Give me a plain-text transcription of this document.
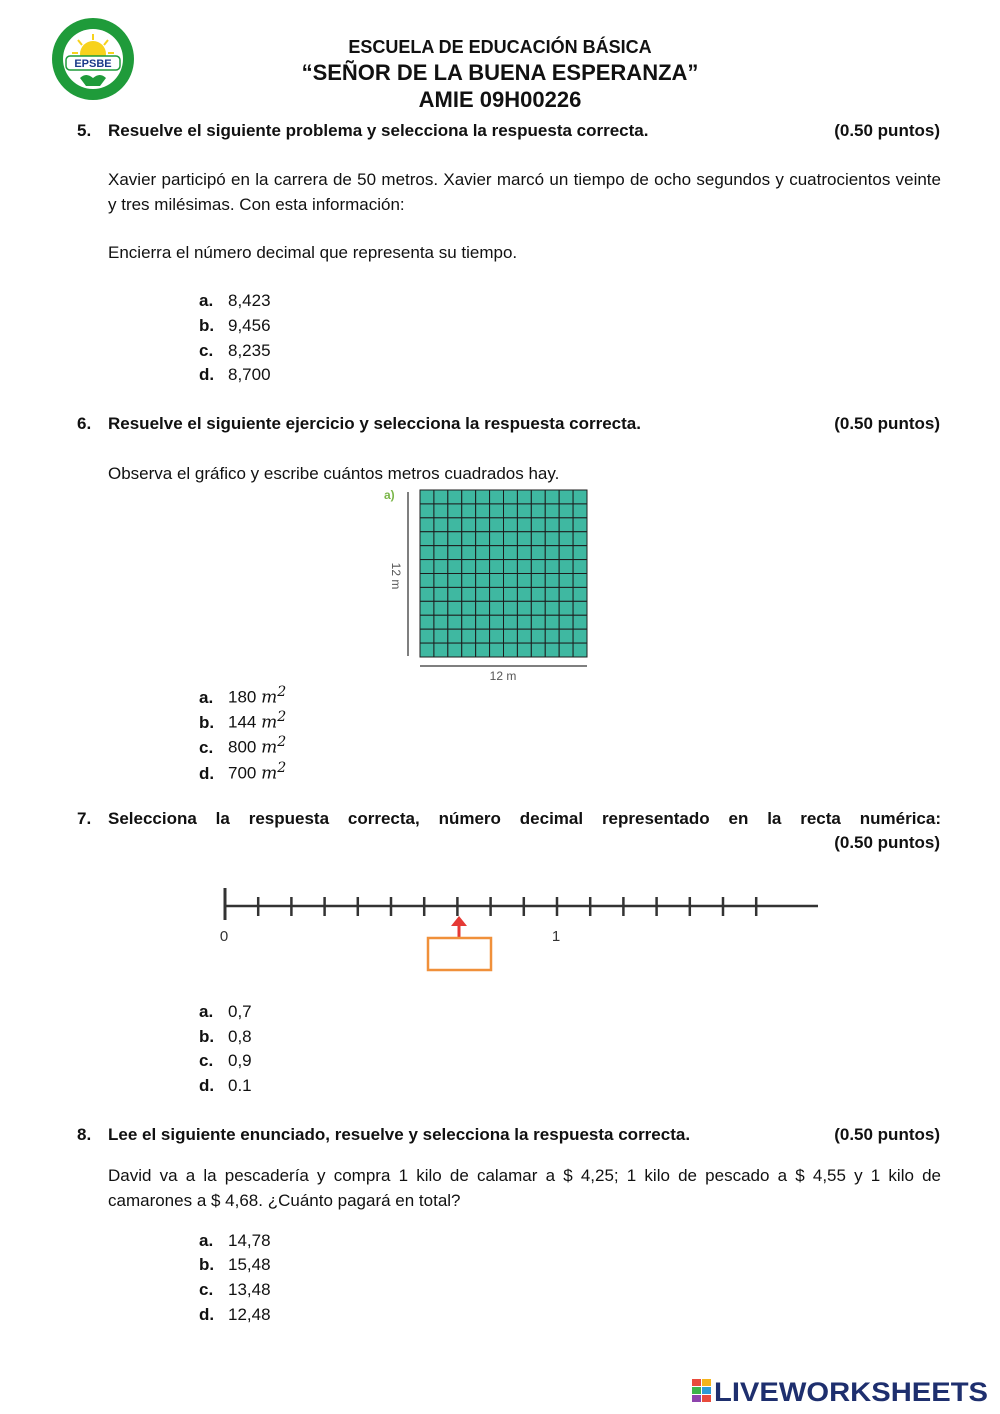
EPSBE
ESCUELA DE EDUCACIÓN BÁSICA
“SEÑOR DE LA BUENA ESPERANZA”
AMIE 09H00226
5. Resuelve el siguiente problema y selecciona la respuesta correcta.	(0.50 puntos)
Xavier participó en la carrera de 50 metros. Xavier marcó un tiempo de ocho segundos y cuatrocientos veinte y tres milésimas. Con esta información:
Encierra el número decimal que representa su tiempo.
a. 8,423
b. 9,456
c. 8,235
d. 8,700
6. Resuelve el siguiente ejercicio y selecciona la respuesta correcta.	(0.50 puntos)
Observa el gráfico y escribe cuántos metros cuadrados hay.
a)
12 m
12 m
a. 180 $m^2$
b. 144 $m^2$
c. 800 $m^2$
d. 700 $m^2$
7. Selecciona la respuesta correcta, número decimal representado en la recta numérica:
(0.50 puntos)
0	1
a. 0,7
b. 0,8
c. 0,9
d. 0.1
8. Lee el siguiente enunciado, resuelve y selecciona la respuesta correcta.	(0.50 puntos)
David va a la pescadería y compra 1 kilo de calamar a $ 4,25; 1 kilo de pescado a $ 4,55 y 1 kilo de camarones a $ 4,68. ¿Cuánto pagará en total?
a. 14,78
b. 15,48
c. 13,48
d. 12,48
LIVEWORKSHEETS
